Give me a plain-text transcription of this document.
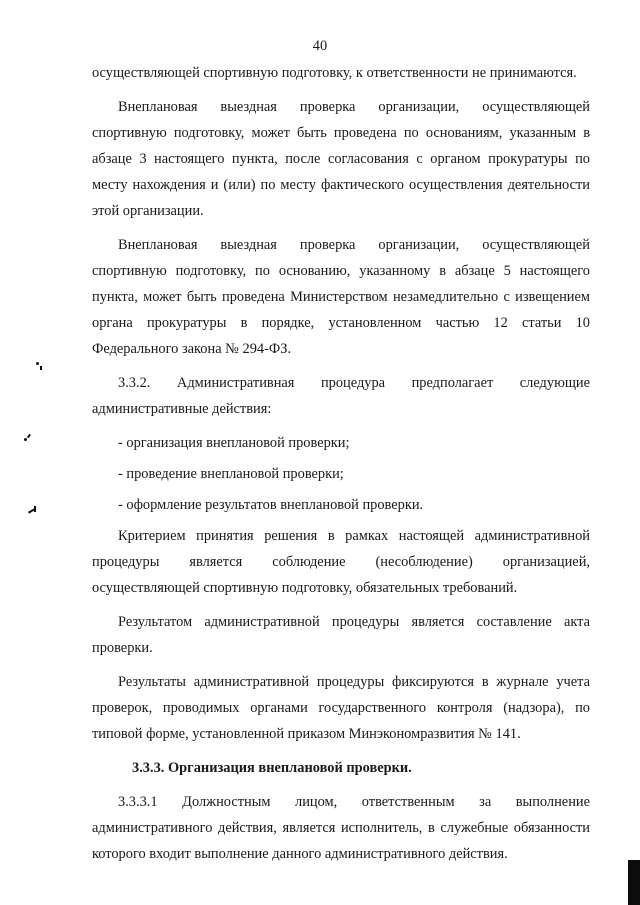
40

осуществляющей спортивную подготовку, к ответственности не принимаются.

Внеплановая выездная проверка организации, осуществляющей спортивную подготовку, может быть проведена по основаниям, указанным в абзаце 3 настоящего пункта, после согласования с органом прокуратуры по месту нахождения и (или) по месту фактического осуществления деятельности этой организации.

Внеплановая выездная проверка организации, осуществляющей спортивную подготовку, по основанию, указанному в абзаце 5 настоящего пункта, может быть проведена Министерством незамедлительно с извещением органа прокуратуры в порядке, установленном частью 12 статьи 10 Федерального закона № 294-ФЗ.

3.3.2. Административная процедура предполагает следующие административные действия:

- организация внеплановой проверки;

- проведение внеплановой проверки;

- оформление результатов внеплановой проверки.

Критерием принятия решения в рамках настоящей административной процедуры является соблюдение (несоблюдение) организацией, осуществляющей спортивную подготовку, обязательных требований.

Результатом административной процедуры является составление акта проверки.

Результаты административной процедуры фиксируются в журнале учета проверок, проводимых органами государственного контроля (надзора), по типовой форме, установленной приказом Минэкономразвития № 141.

3.3.3. Организация внеплановой проверки.

3.3.3.1 Должностным лицом, ответственным за выполнение административного действия, является исполнитель, в служебные обязанности которого входит выполнение данного административного действия.
